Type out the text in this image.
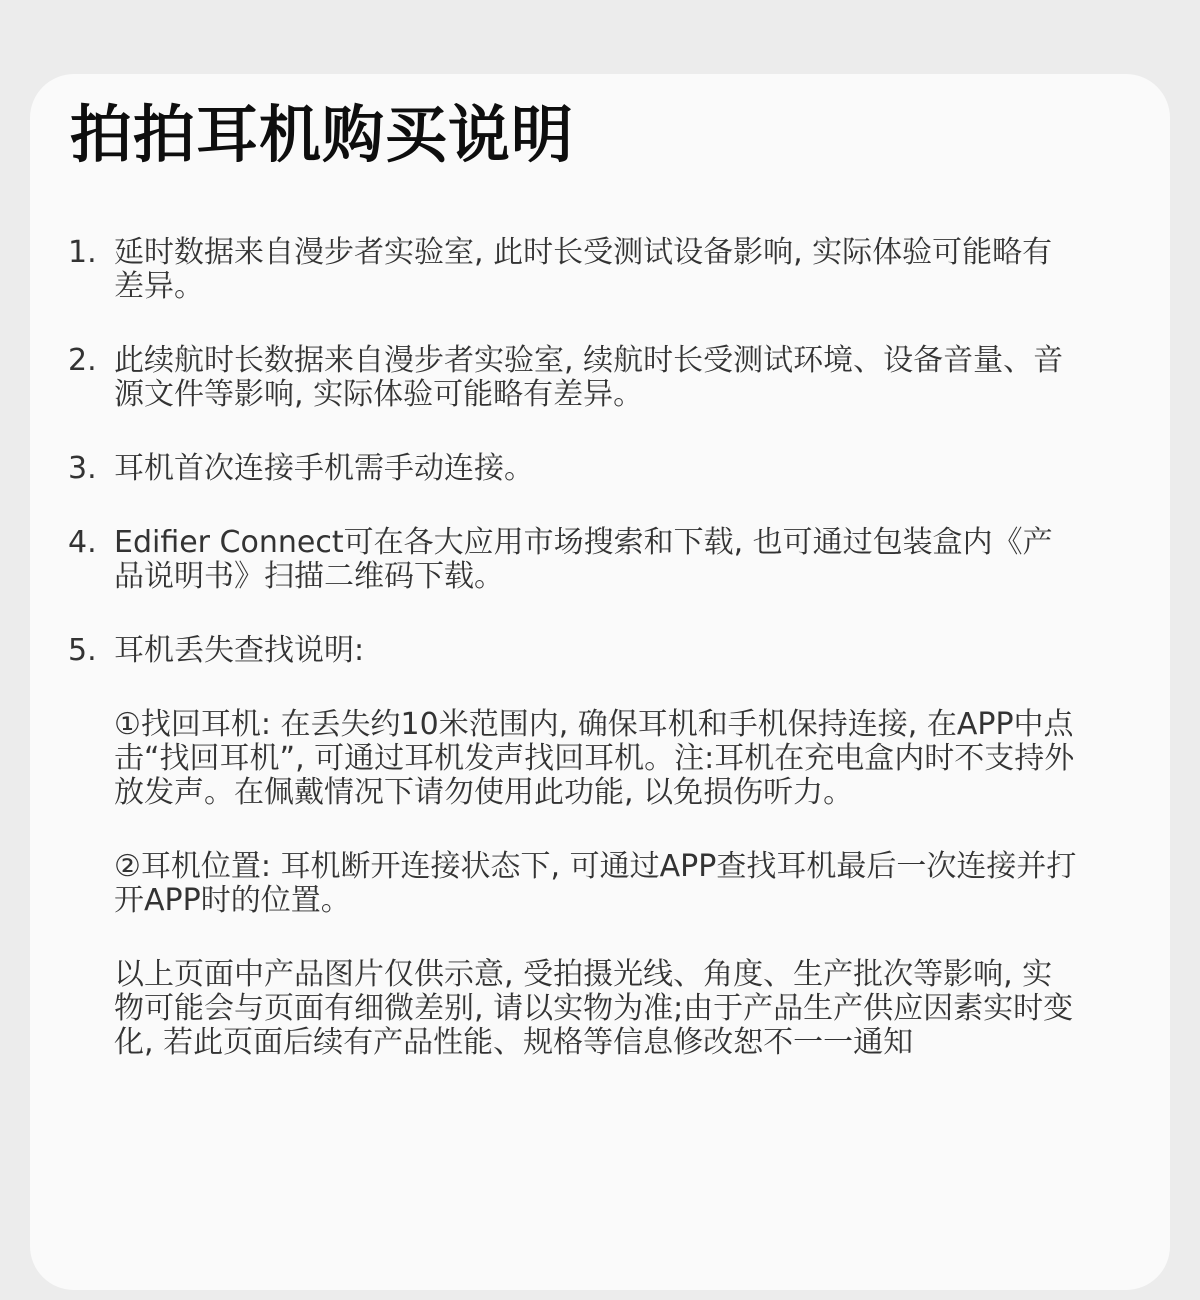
拍拍耳机购买说明
1. 延时数据来自漫步者实验室, 此时长受测试设备影响, 实际体验可能略有差异。

2. 此续航时长数据来自漫步者实验室, 续航时长受测试环境、设备音量、音源文件等影响, 实际体验可能略有差异。

3. 耳机首次连接手机需手动连接。

4. Edifier Connect可在各大应用市场搜索和下载, 也可通过包装盒内《产品说明书》扫描二维码下载。

5. 耳机丢失查找说明:

①找回耳机: 在丢失约10米范围内, 确保耳机和手机保持连接, 在APP中点击“找回耳机”, 可通过耳机发声找回耳机。注:耳机在充电盒内时不支持外放发声。在佩戴情况下请勿使用此功能, 以免损伤听力。

②耳机位置: 耳机断开连接状态下, 可通过APP查找耳机最后一次连接并打开APP时的位置。

以上页面中产品图片仅供示意, 受拍摄光线、角度、生产批次等影响, 实物可能会与页面有细微差别, 请以实物为准;由于产品生产供应因素实时变化, 若此页面后续有产品性能、规格等信息修改恕不一一通知
